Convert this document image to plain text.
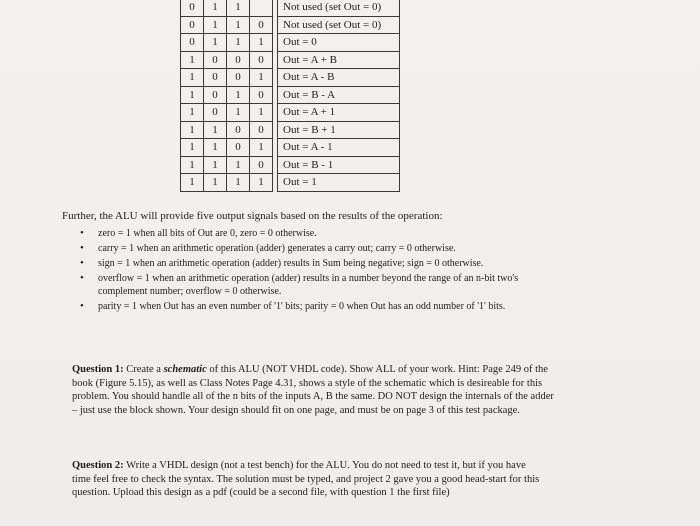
0	1	1			Not used (set Out = 0)
0	1	1	0		Not used (set Out = 0)
0	1	1	1		Out = 0
1	0	0	0		Out = A + B
1	0	0	1		Out = A - B
1	0	1	0		Out = B - A
1	0	1	1		Out = A + 1
1	1	0	0		Out = B + 1
1	1	0	1		Out = A - 1
1	1	1	0		Out = B - 1
1	1	1	1		Out = 1
Further, the ALU will provide five output signals based on the results of the operation:
• zero = 1 when all bits of Out are 0, zero = 0 otherwise.
• carry = 1 when an arithmetic operation (adder) generates a carry out; carry = 0 otherwise.
• sign = 1 when an arithmetic operation (adder) results in Sum being negative; sign = 0 otherwise.
• overflow = 1 when an arithmetic operation (adder) results in a number beyond the range of an n-bit two's complement number; overflow = 0 otherwise.
• parity = 1 when Out has an even number of '1' bits; parity = 0 when Out has an odd number of '1' bits.
Question 1: Create a schematic of this ALU (NOT VHDL code). Show ALL of your work. Hint: Page 249 of the book (Figure 5.15), as well as Class Notes Page 4.31, shows a style of the schematic which is desireable for this problem. You should handle all of the n bits of the inputs A, B the same. DO NOT design the internals of the adder – just use the block shown. Your design should fit on one page, and must be on page 3 of this test package.
Question 2: Write a VHDL design (not a test bench) for the ALU. You do not need to test it, but if you have time feel free to check the syntax. The solution must be typed, and project 2 gave you a good head-start for this question. Upload this design as a pdf (could be a second file, with question 1 the first file)
